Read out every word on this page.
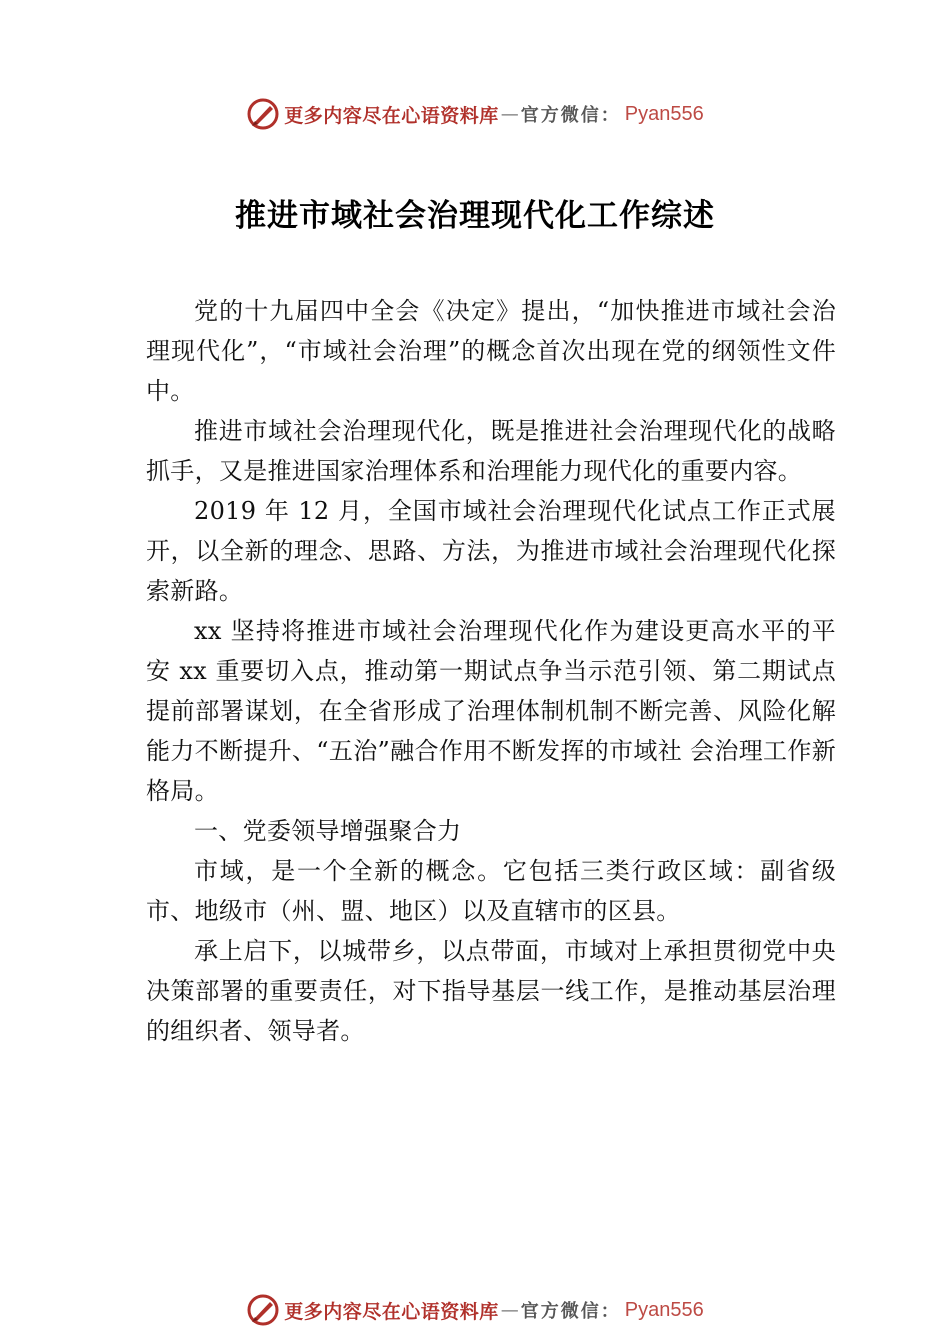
更多内容尽在心语资料库 — 官方微信： Pyan556
推进市域社会治理现代化工作综述

党的十九届四中全会《决定》提出，“加快推进市域社会治理现代化”，“市域社会治理”的概念首次出现在党的纲领性文件中。

推进市域社会治理现代化，既是推进社会治理现代化的战略抓手，又是推进国家治理体系和治理能力现代化的重要内容。

2019 年 12 月，全国市域社会治理现代化试点工作正式展开，以全新的理念、思路、方法，为推进市域社会治理现代化探索新路。

xx 坚持将推进市域社会治理现代化作为建设更高水平的平安 xx 重要切入点，推动第一期试点争当示范引领、第二期试点提前部署谋划，在全省形成了治理体制机制不断完善、风险化解能力不断提升、“五治”融合作用不断发挥的市域社 会治理工作新格局。

一、党委领导增强聚合力

市域，是一个全新的概念。它包括三类行政区域：副省级市、地级市（州、盟、地区）以及直辖市的区县。

承上启下，以城带乡，以点带面，市域对上承担贯彻党中央决策部署的重要责任，对下指导基层一线工作，是推动基层治理的组织者、领导者。

更多内容尽在心语资料库 — 官方微信： Pyan556
